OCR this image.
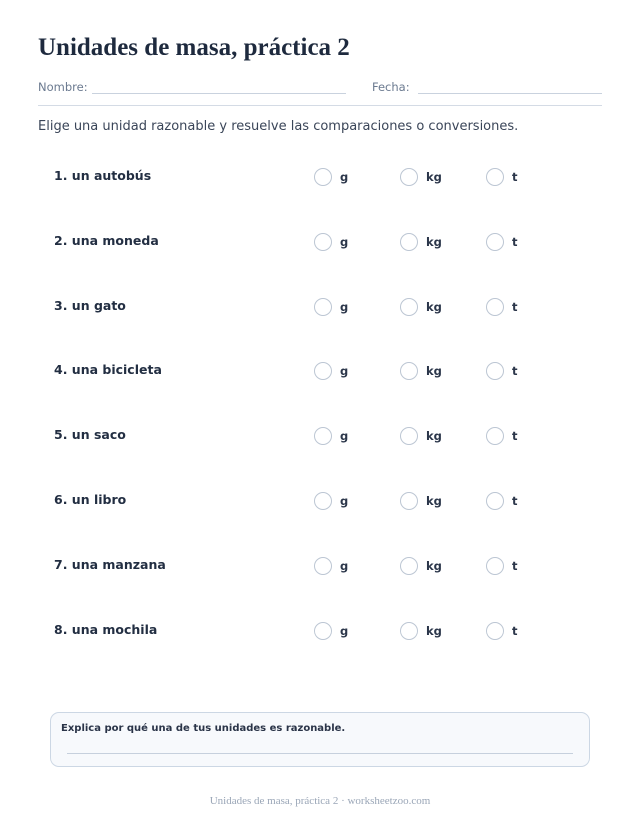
Unidades de masa, práctica 2
Nombre:	Fecha:

Elige una unidad razonable y resuelve las comparaciones o conversiones.

1. un autobús	g	kg	t
2. una moneda	g	kg	t
3. un gato	g	kg	t
4. una bicicleta	g	kg	t
5. un saco	g	kg	t
6. un libro	g	kg	t
7. una manzana	g	kg	t
8. una mochila	g	kg	t
Explica por qué una de tus unidades es razonable.
Unidades de masa, práctica 2 · worksheetzoo.com
